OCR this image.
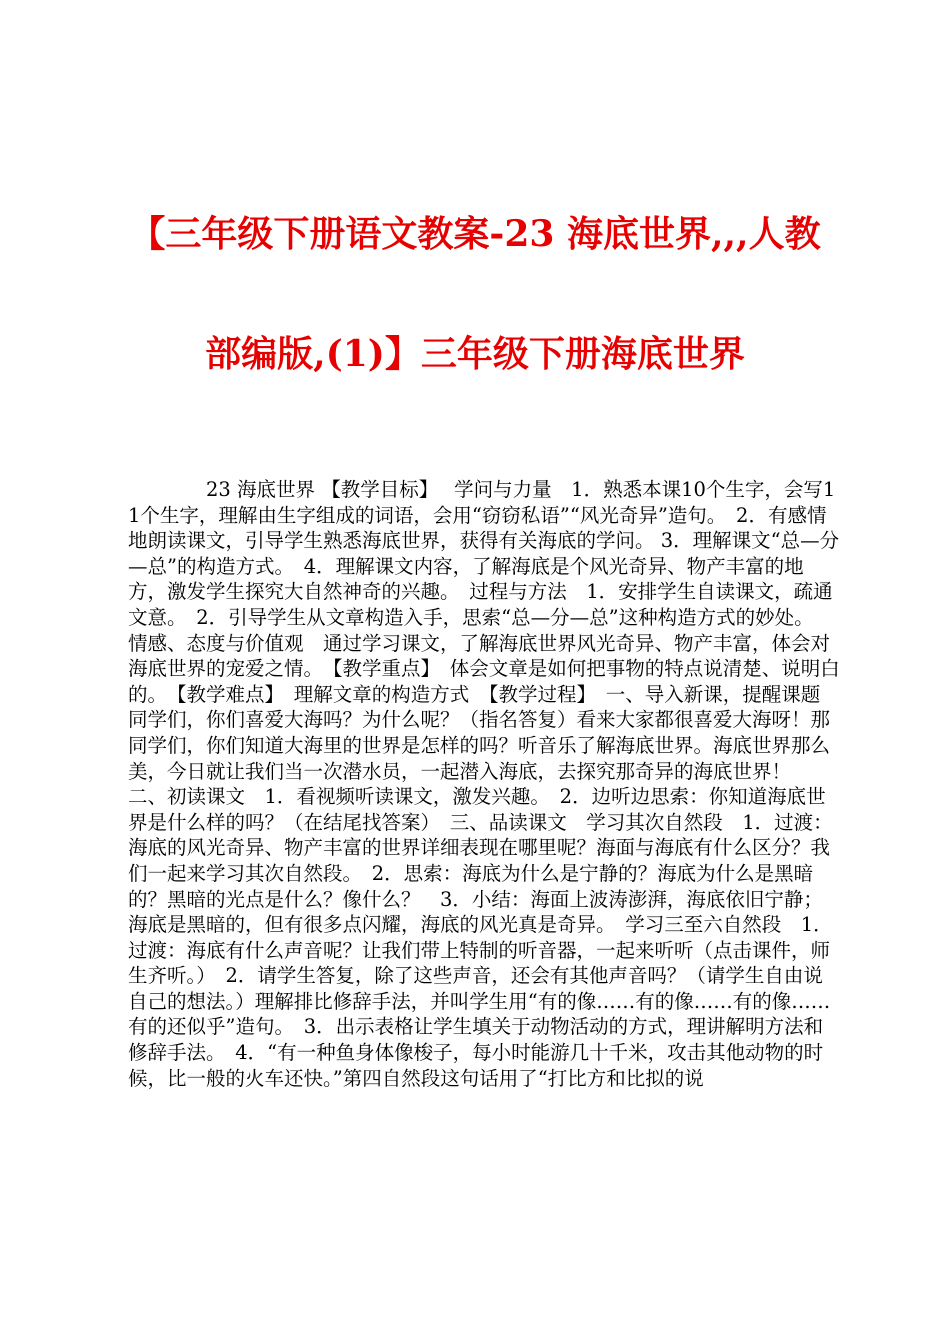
【三年级下册语文教案-23 海底世界,,,人教
部编版,(1)】三年级下册海底世界

　　　　23 海底世界 【教学目标】　 学问与力量　1．熟悉本课10个生字，会写11个生字，理解由生字组成的词语，会用“窃窃私语”“风光奇异”造句。　2．有感情地朗读课文，引导学生熟悉海底世界，获得有关海底的学问。 3．理解课文“总—分—总”的构造方式。　4．理解课文内容，了解海底是个风光奇异、物产丰富的地方，激发学生探究大自然神奇的兴趣。　过程与方法　1．安排学生自读课文，疏通文意。　2．引导学生从文章构造入手，思索“总—分—总”这种构造方式的妙处。　情感、态度与价值观　通过学习课文，了解海底世界风光奇异、物产丰富，体会对海底世界的宠爱之情。　【教学重点】　体会文章是如何把事物的特点说清楚、说明白的。　【教学难点】　理解文章的构造方式　【教学过程】　一、导入新课，提醒课题　同学们，你们喜爱大海吗？为什么呢？（指名答复）看来大家都很喜爱大海呀！那同学们，你们知道大海里的世界是怎样的吗？听音乐了解海底世界。海底世界那么美，今日就让我们当一次潜水员，一起潜入海底，去探究那奇异的海底世界！　二、初读课文　1．看视频听读课文，激发兴趣。　2．边听边思索：你知道海底世界是什么样的吗？（在结尾找答案）　三、品读课文　学习其次自然段　1．过渡：海底的风光奇异、物产丰富的世界详细表现在哪里呢？海面与海底有什么区分？我们一起来学习其次自然段。　2．思索：海底为什么是宁静的？海底为什么是黑暗的？黑暗的光点是什么？像什么？　3．小结：海面上波涛澎湃，海底依旧宁静；
海底是黑暗的，但有很多点闪耀，海底的风光真是奇异。　学习三至六自然段　1．过渡：海底有什么声音呢？让我们带上特制的听音器，一起来听听（点击课件，师生齐听。）　2．请学生答复，除了这些声音，还会有其他声音吗？（请学生自由说自己的想法。）理解排比修辞手法，并叫学生用“有的像……有的像……有的像……有的还似乎”造句。　3．出示表格让学生填关于动物活动的方式，理讲解明方法和修辞手法。　4．“有一种鱼身体像梭子，每小时能游几十千米，攻击其他动物的时候，比一般的火车还快。”第四自然段这句话用了“打比方和比拟的说
